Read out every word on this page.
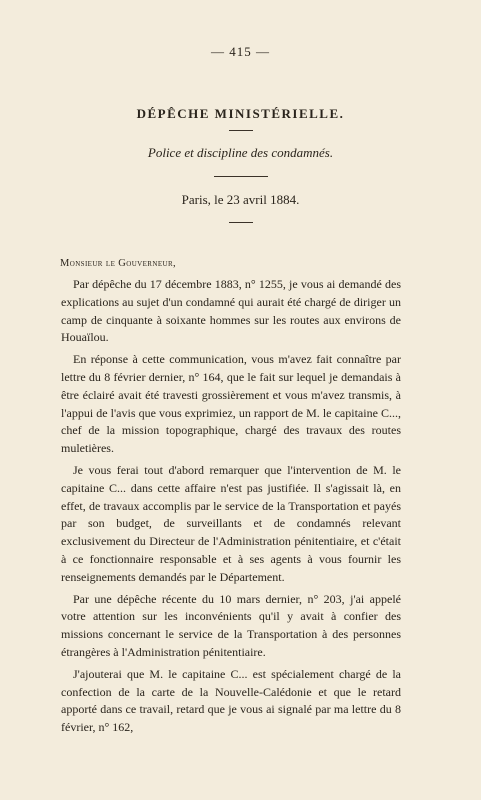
— 415 —
DÉPÊCHE MINISTÉRIELLE.
Police et discipline des condamnés.
Paris, le 23 avril 1884.
Monsieur le Gouverneur,

Par dépêche du 17 décembre 1883, n° 1255, je vous ai demandé des explications au sujet d'un condamné qui aurait été chargé de diriger un camp de cinquante à soixante hommes sur les routes aux environs de Houaïlou.

En réponse à cette communication, vous m'avez fait connaître par lettre du 8 février dernier, n° 164, que le fait sur lequel je demandais à être éclairé avait été travesti grossièrement et vous m'avez transmis, à l'appui de l'avis que vous exprimiez, un rapport de M. le capitaine C..., chef de la mission topographique, chargé des travaux des routes muletières.

Je vous ferai tout d'abord remarquer que l'intervention de M. le capitaine C... dans cette affaire n'est pas justifiée. Il s'agissait là, en effet, de travaux accomplis par le service de la Transportation et payés par son budget, de surveillants et de condamnés relevant exclusivement du Directeur de l'Administration pénitentiaire, et c'était à ce fonctionnaire responsable et à ses agents à vous fournir les renseignements demandés par le Département.

Par une dépêche récente du 10 mars dernier, n° 203, j'ai appelé votre attention sur les inconvénients qu'il y avait à confier des missions concernant le service de la Transportation à des personnes étrangères à l'Administration pénitentiaire.

J'ajouterai que M. le capitaine C... est spécialement chargé de la confection de la carte de la Nouvelle-Calédonie et que le retard apporté dans ce travail, retard que je vous ai signalé par ma lettre du 8 février, n° 162,
